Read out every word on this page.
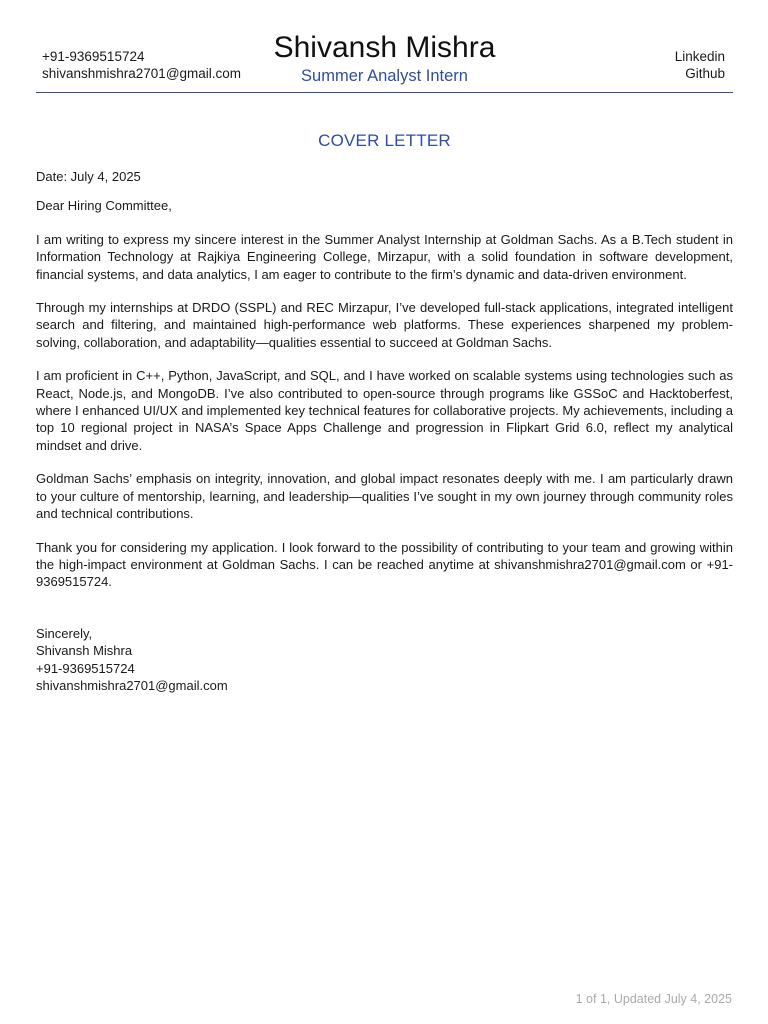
+91-9369515724
shivanshmishra2701@gmail.com
Shivansh Mishra
Summer Analyst Intern
Linkedin
Github
COVER LETTER
Date: July 4, 2025
Dear Hiring Committee,

I am writing to express my sincere interest in the Summer Analyst Internship at Goldman Sachs. As a B.Tech student in Information Technology at Rajkiya Engineering College, Mirzapur, with a solid foundation in software development, financial systems, and data analytics, I am eager to contribute to the firm’s dynamic and data-driven environment.

Through my internships at DRDO (SSPL) and REC Mirzapur, I’ve developed full-stack applications, integrated intelligent search and filtering, and maintained high-performance web platforms. These experiences sharpened my problem-solving, collaboration, and adaptability—qualities essential to succeed at Goldman Sachs.

I am proficient in C++, Python, JavaScript, and SQL, and I have worked on scalable systems using technologies such as React, Node.js, and MongoDB. I’ve also contributed to open-source through programs like GSSoC and Hacktoberfest, where I enhanced UI/UX and implemented key technical features for collaborative projects. My achievements, including a top 10 regional project in NASA’s Space Apps Challenge and progression in Flipkart Grid 6.0, reflect my analytical mindset and drive.

Goldman Sachs’ emphasis on integrity, innovation, and global impact resonates deeply with me. I am particularly drawn to your culture of mentorship, learning, and leadership—qualities I’ve sought in my own journey through community roles and technical contributions.

Thank you for considering my application. I look forward to the possibility of contributing to your team and growing within the high-impact environment at Goldman Sachs. I can be reached anytime at shivanshmishra2701@gmail.com or +91-9369515724.

Sincerely,
Shivansh Mishra
+91-9369515724
shivanshmishra2701@gmail.com
1 of 1, Updated July 4, 2025
